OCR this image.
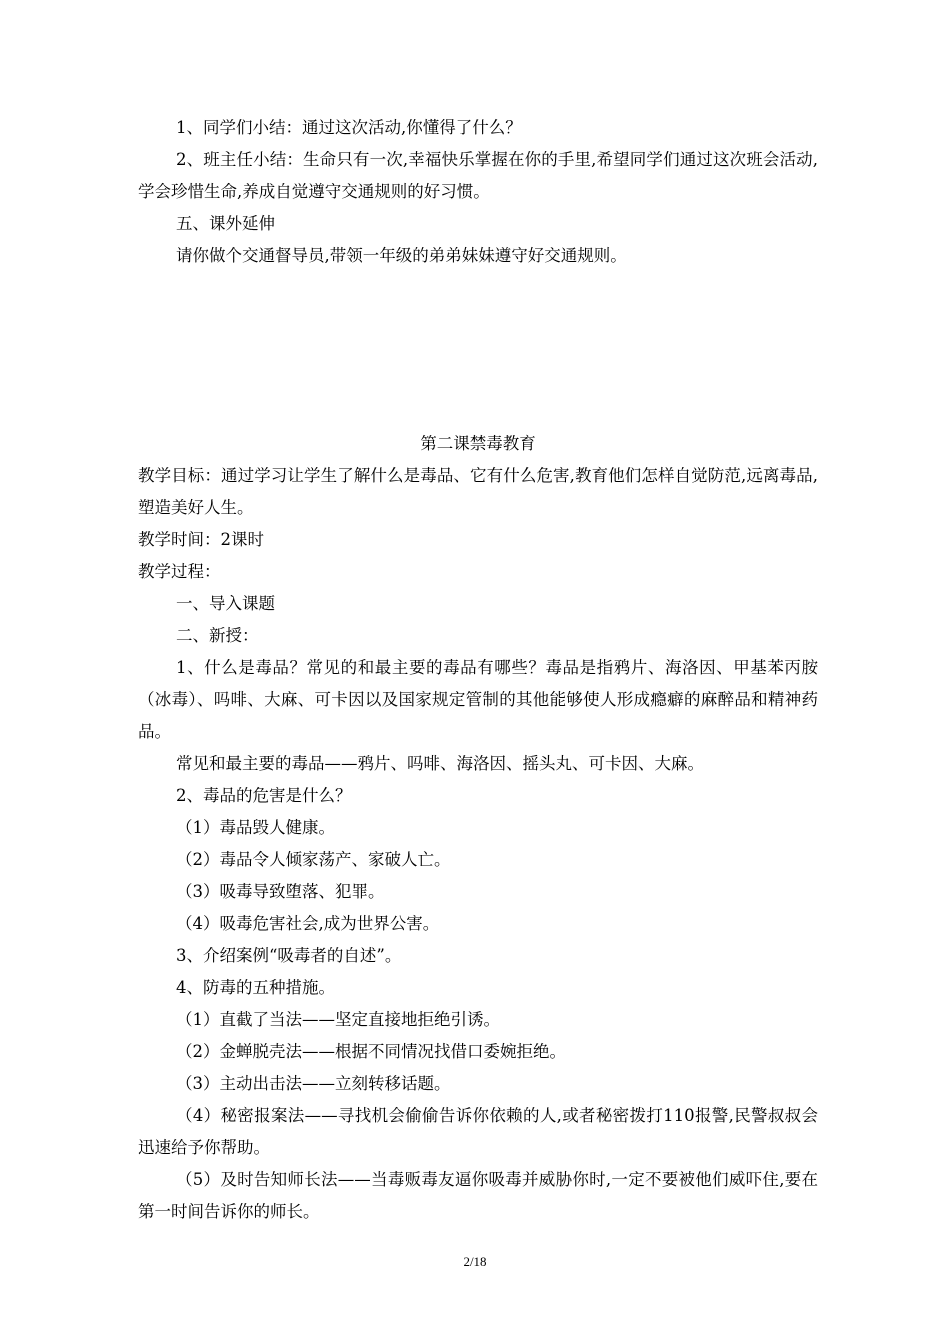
1、同学们小结：通过这次活动,你懂得了什么？

2、班主任小结：生命只有一次,幸福快乐掌握在你的手里,希望同学们通过这次班会活动,学会珍惜生命,养成自觉遵守交通规则的好习惯。

五、课外延伸

请你做个交通督导员,带领一年级的弟弟妹妹遵守好交通规则。

第二课禁毒教育

教学目标：通过学习让学生了解什么是毒品、它有什么危害,教育他们怎样自觉防范,远离毒品,塑造美好人生。

教学时间：2课时

教学过程：

一、导入课题

二、新授：

1、什么是毒品？常见的和最主要的毒品有哪些？毒品是指鸦片、海洛因、甲基苯丙胺（冰毒）、吗啡、大麻、可卡因以及国家规定管制的其他能够使人形成瘾癖的麻醉品和精神药品。

常见和最主要的毒品——鸦片、吗啡、海洛因、摇头丸、可卡因、大麻。

2、毒品的危害是什么？

（1）毒品毁人健康。

（2）毒品令人倾家荡产、家破人亡。

（3）吸毒导致堕落、犯罪。

（4）吸毒危害社会,成为世界公害。

3、介绍案例“吸毒者的自述”。

4、防毒的五种措施。

（1）直截了当法——坚定直接地拒绝引诱。

（2）金蝉脱壳法——根据不同情况找借口委婉拒绝。

（3）主动出击法——立刻转移话题。

（4）秘密报案法——寻找机会偷偷告诉你依赖的人,或者秘密拨打110报警,民警叔叔会迅速给予你帮助。

（5）及时告知师长法——当毒贩毒友逼你吸毒并威胁你时,一定不要被他们威吓住,要在第一时间告诉你的师长。

2/18
